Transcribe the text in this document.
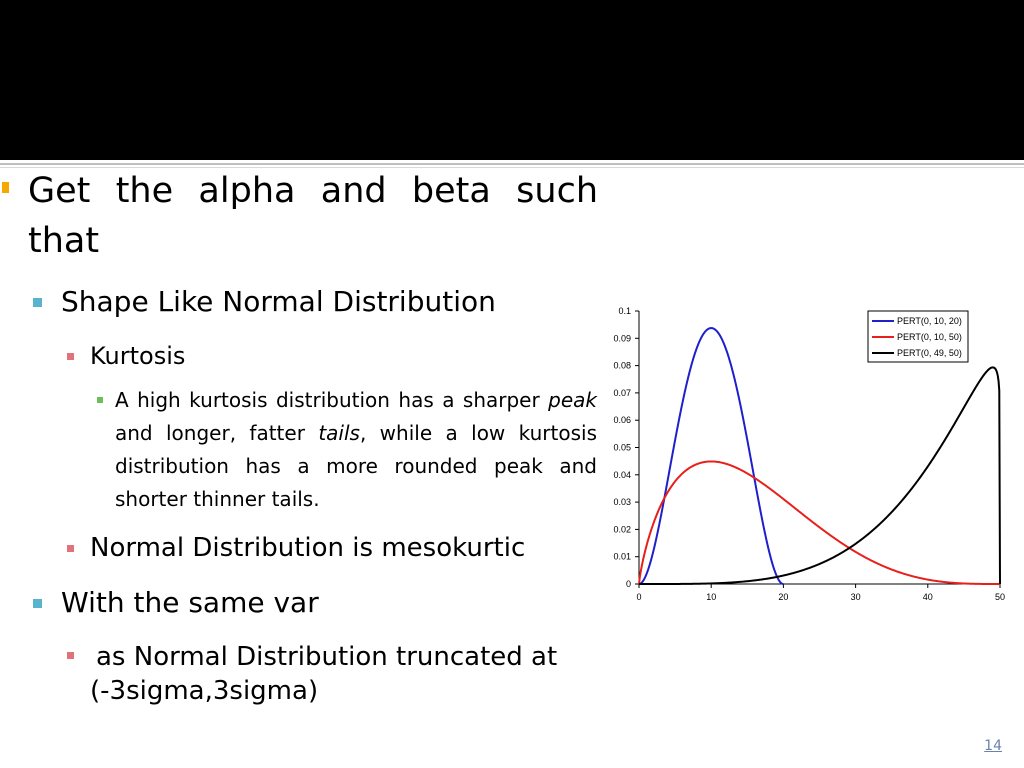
Get the alpha and beta such that
Shape Like Normal Distribution
Kurtosis
A high kurtosis distribution has a sharper peak and longer, fatter tails, while a low kurtosis distribution has a more rounded peak and shorter thinner tails.
Normal Distribution is mesokurtic
With the same var
as Normal Distribution truncated at (-3sigma,3sigma)
0
0.01
0.02
0.03
0.04
0.05
0.06
0.07
0.08
0.09
0.1
0	10	20	30	40	50
PERT(0, 10, 20)
PERT(0, 10, 50)
PERT(0, 49, 50)
14
